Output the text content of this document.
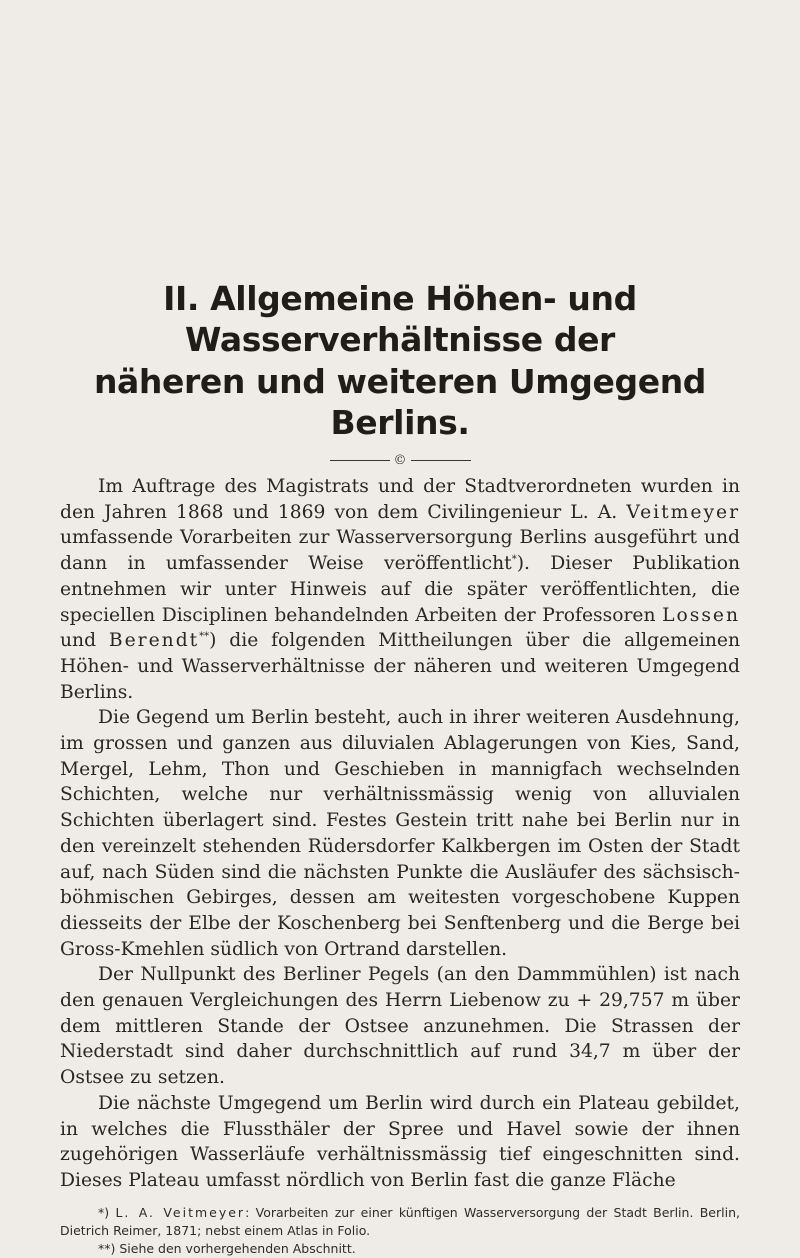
II. Allgemeine Höhen- und Wasserverhältnisse der
näheren und weiteren Umgegend Berlins.
©

Im Auftrage des Magistrats und der Stadtverordneten wurden in den Jahren 1868 und 1869 von dem Civilingenieur L. A. Veitmeyer umfassende Vorarbeiten zur Wasserversorgung Berlins ausgeführt und dann in umfassender Weise veröffentlicht*). Dieser Publikation entnehmen wir unter Hinweis auf die später veröffentlichten, die speciellen Disciplinen behandelnden Arbeiten der Professoren Lossen und Berendt**) die folgenden Mittheilungen über die allgemeinen Höhen- und Wasserverhältnisse der näheren und weiteren Umgegend Berlins.

Die Gegend um Berlin besteht, auch in ihrer weiteren Ausdehnung, im grossen und ganzen aus diluvialen Ablagerungen von Kies, Sand, Mergel, Lehm, Thon und Geschieben in mannigfach wechselnden Schichten, welche nur verhältnissmässig wenig von alluvialen Schichten überlagert sind. Festes Gestein tritt nahe bei Berlin nur in den vereinzelt stehenden Rüdersdorfer Kalkbergen im Osten der Stadt auf, nach Süden sind die nächsten Punkte die Ausläufer des sächsisch-böhmischen Gebirges, dessen am weitesten vorgeschobene Kuppen diesseits der Elbe der Koschenberg bei Senftenberg und die Berge bei Gross-Kmehlen südlich von Ortrand darstellen.

Der Nullpunkt des Berliner Pegels (an den Dammmühlen) ist nach den genauen Vergleichungen des Herrn Liebenow zu + 29,757 m über dem mittleren Stande der Ostsee anzunehmen. Die Strassen der Niederstadt sind daher durchschnittlich auf rund 34,7 m über der Ostsee zu setzen.

Die nächste Umgegend um Berlin wird durch ein Plateau gebildet, in welches die Flussthäler der Spree und Havel sowie der ihnen zugehörigen Wasserläufe verhältnissmässig tief eingeschnitten sind. Dieses Plateau umfasst nördlich von Berlin fast die ganze Fläche

*) L. A. Veitmeyer: Vorarbeiten zur einer künftigen Wasserversorgung der Stadt Berlin. Berlin, Dietrich Reimer, 1871; nebst einem Atlas in Folio.
**) Siehe den vorhergehenden Abschnitt.
